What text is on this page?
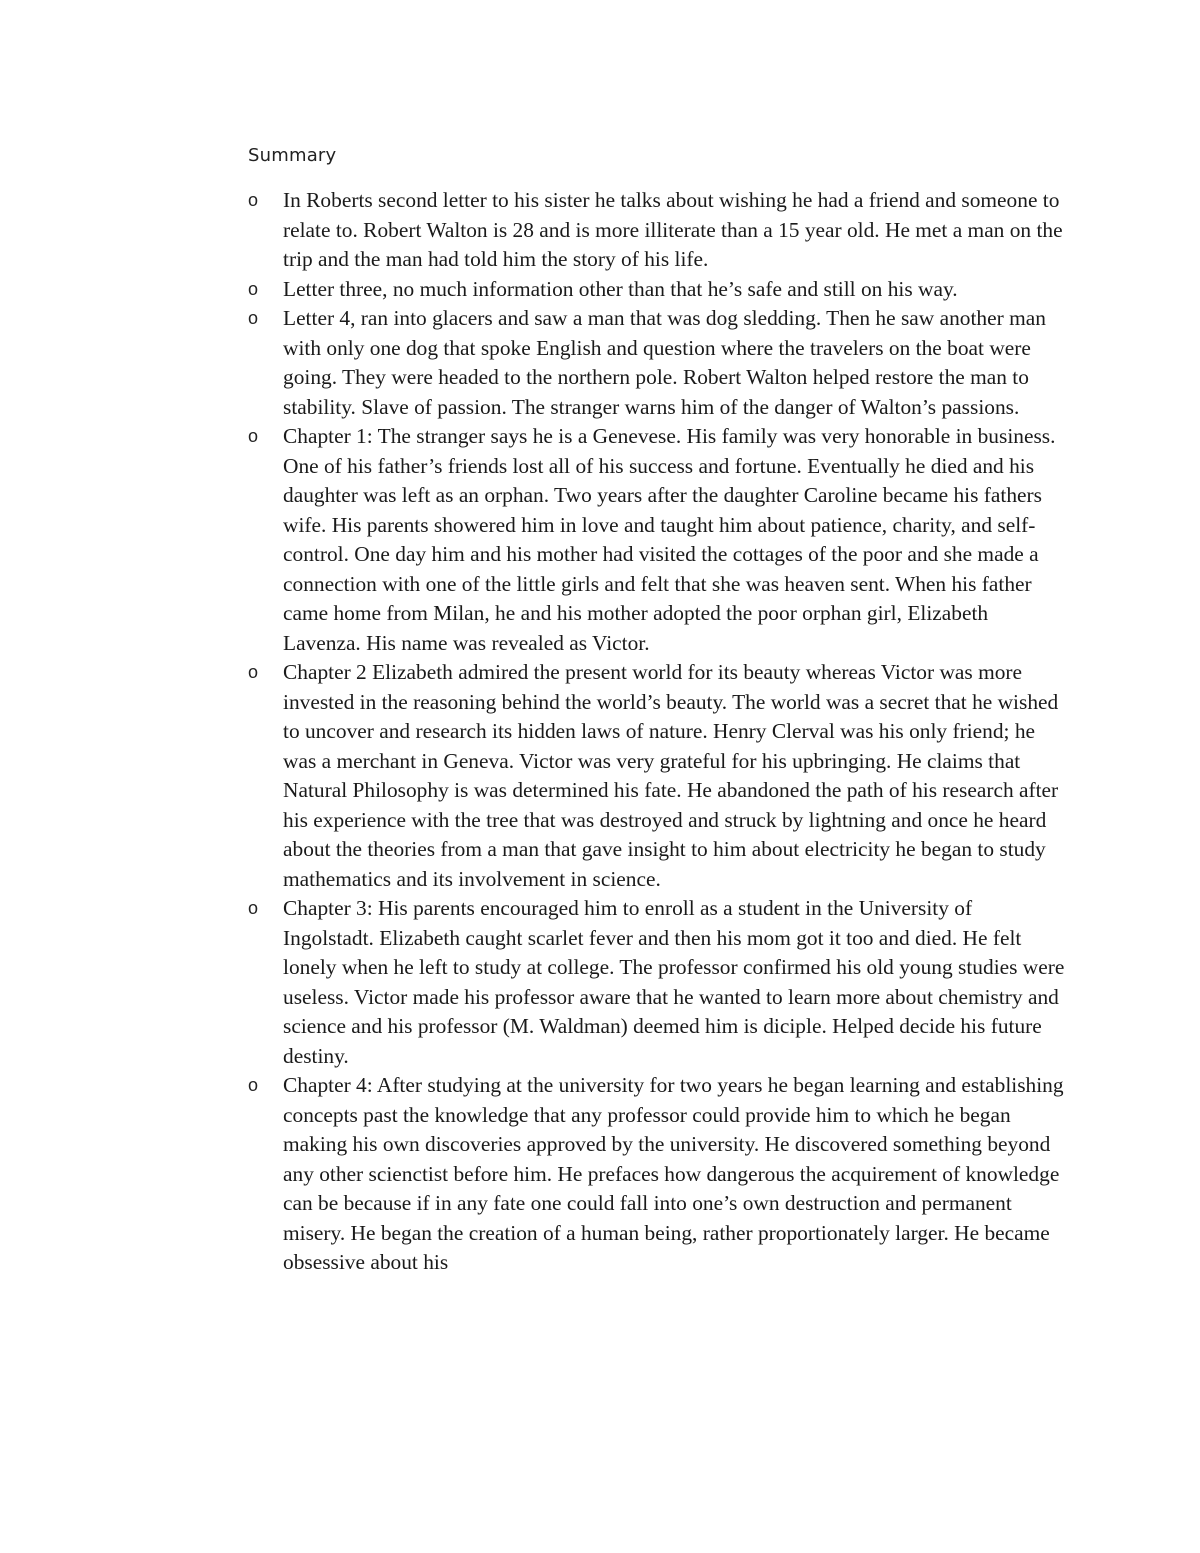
Summary
o In Roberts second letter to his sister he talks about wishing he had a friend and someone to relate to. Robert Walton is 28 and is more illiterate than a 15 year old. He met a man on the trip and the man had told him the story of his life.
o Letter three, no much information other than that he’s safe and still on his way.
o Letter 4, ran into glacers and saw a man that was dog sledding. Then he saw another man with only one dog that spoke English and question where the travelers on the boat were going. They were headed to the northern pole. Robert Walton helped restore the man to stability. Slave of passion. The stranger warns him of the danger of Walton’s passions.
o Chapter 1: The stranger says he is a Genevese. His family was very honorable in business. One of his father’s friends lost all of his success and fortune. Eventually he died and his daughter was left as an orphan. Two years after the daughter Caroline became his fathers wife. His parents showered him in love and taught him about patience, charity, and self-control. One day him and his mother had visited the cottages of the poor and she made a connection with one of the little girls and felt that she was heaven sent. When his father came home from Milan, he and his mother adopted the poor orphan girl, Elizabeth Lavenza. His name was revealed as Victor.
o Chapter 2 Elizabeth admired the present world for its beauty whereas Victor was more invested in the reasoning behind the world’s beauty. The world was a secret that he wished to uncover and research its hidden laws of nature. Henry Clerval was his only friend; he was a merchant in Geneva. Victor was very grateful for his upbringing. He claims that Natural Philosophy is was determined his fate. He abandoned the path of his research after his experience with the tree that was destroyed and struck by lightning and once he heard about the theories from a man that gave insight to him about electricity he began to study mathematics and its involvement in science.
o Chapter 3: His parents encouraged him to enroll as a student in the University of Ingolstadt. Elizabeth caught scarlet fever and then his mom got it too and died. He felt lonely when he left to study at college. The professor confirmed his old young studies were useless. Victor made his professor aware that he wanted to learn more about chemistry and science and his professor (M. Waldman) deemed him is diciple. Helped decide his future destiny.
o Chapter 4: After studying at the university for two years he began learning and establishing concepts past the knowledge that any professor could provide him to which he began making his own discoveries approved by the university. He discovered something beyond any other scienctist before him. He prefaces how dangerous the acquirement of knowledge can be because if in any fate one could fall into one’s own destruction and permanent misery. He began the creation of a human being, rather proportionately larger. He became obsessive about his
